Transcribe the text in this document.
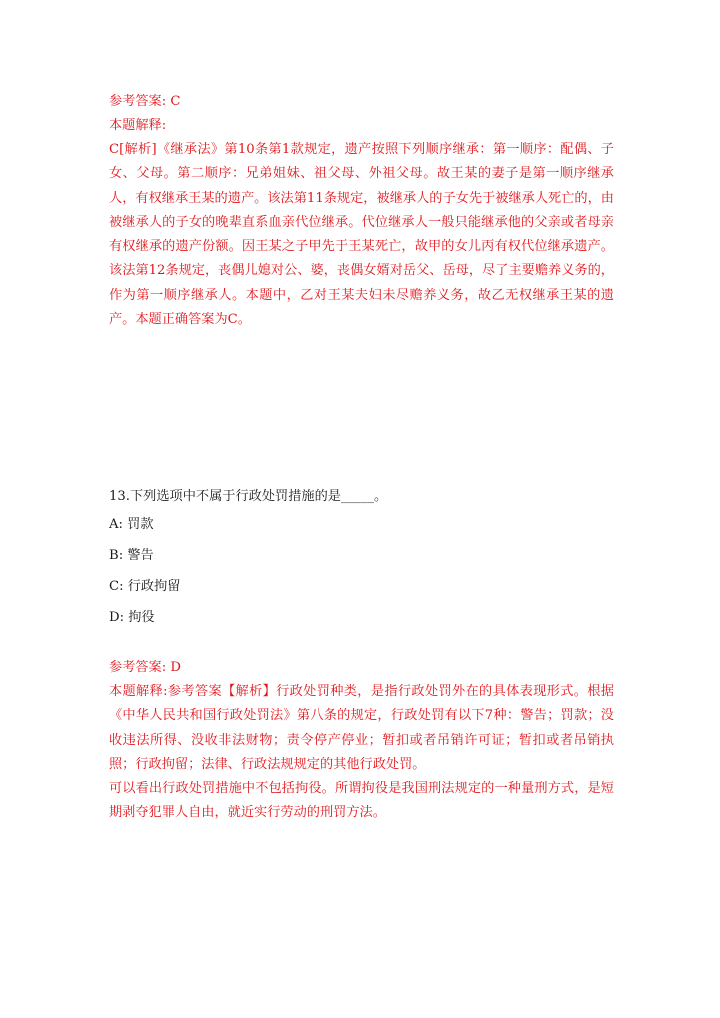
参考答案: C
本题解释:
C[解析]《继承法》第10条第1款规定，遗产按照下列顺序继承：第一顺序：配偶、子女、父母。第二顺序：兄弟姐妹、祖父母、外祖父母。故王某的妻子是第一顺序继承人，有权继承王某的遗产。该法第11条规定，被继承人的子女先于被继承人死亡的，由被继承人的子女的晚辈直系血亲代位继承。代位继承人一般只能继承他的父亲或者母亲有权继承的遗产份额。因王某之子甲先于王某死亡，故甲的女儿丙有权代位继承遗产。该法第12条规定，丧偶儿媳对公、婆，丧偶女婿对岳父、岳母，尽了主要赡养义务的，作为第一顺序继承人。本题中，乙对王某夫妇未尽赡养义务，故乙无权继承王某的遗产。本题正确答案为C。
13.下列选项中不属于行政处罚措施的是_____。
A: 罚款
B: 警告
C: 行政拘留
D: 拘役
参考答案: D
本题解释:参考答案【解析】行政处罚种类，是指行政处罚外在的具体表现形式。根据《中华人民共和国行政处罚法》第八条的规定，行政处罚有以下7种：警告；罚款；没收违法所得、没收非法财物；责令停产停业；暂扣或者吊销许可证；暂扣或者吊销执照；行政拘留；法律、行政法规规定的其他行政处罚。
可以看出行政处罚措施中不包括拘役。所谓拘役是我国刑法规定的一种量刑方式，是短期剥夺犯罪人自由，就近实行劳动的刑罚方法。
